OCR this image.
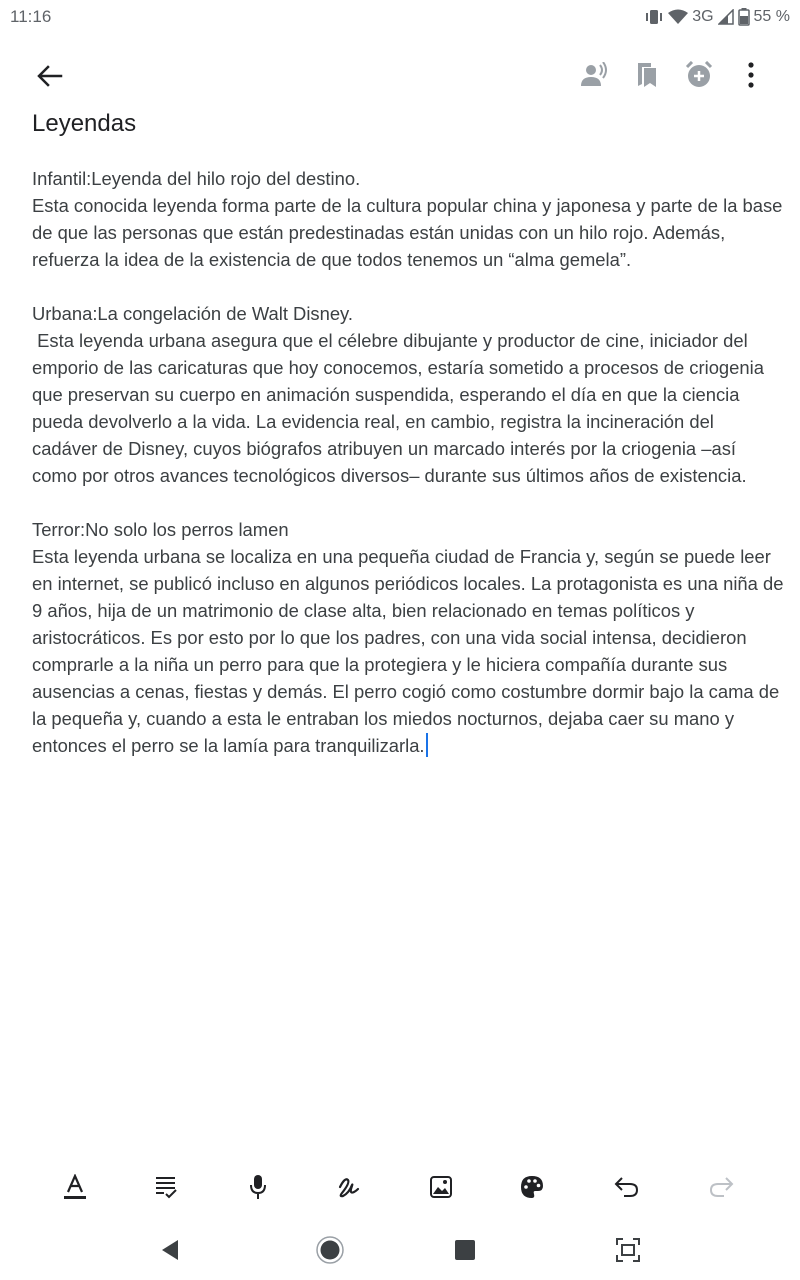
11:16	3G	55 %
Leyendas
Infantil:Leyenda del hilo rojo del destino.
Esta conocida leyenda forma parte de la cultura popular china y japonesa y parte de la base de que las personas que están predestinadas están unidas con un hilo rojo. Además, refuerza la idea de la existencia de que todos tenemos un “alma gemela”.

Urbana:La congelación de Walt Disney.
Esta leyenda urbana asegura que el célebre dibujante y productor de cine, iniciador del emporio de las caricaturas que hoy conocemos, estaría sometido a procesos de criogenia que preservan su cuerpo en animación suspendida, esperando el día en que la ciencia pueda devolverlo a la vida. La evidencia real, en cambio, registra la incineración del cadáver de Disney, cuyos biógrafos atribuyen un marcado interés por la criogenia –así como por otros avances tecnológicos diversos– durante sus últimos años de existencia.

Terror:No solo los perros lamen
Esta leyenda urbana se localiza en una pequeña ciudad de Francia y, según se puede leer en internet, se publicó incluso en algunos periódicos locales. La protagonista es una niña de 9 años, hija de un matrimonio de clase alta, bien relacionado en temas políticos y aristocráticos. Es por esto por lo que los padres, con una vida social intensa, decidieron comprarle a la niña un perro para que la protegiera y le hiciera compañía durante sus ausencias a cenas, fiestas y demás. El perro cogió como costumbre dormir bajo la cama de la pequeña y, cuando a esta le entraban los miedos nocturnos, dejaba caer su mano y entonces el perro se la lamía para tranquilizarla.
